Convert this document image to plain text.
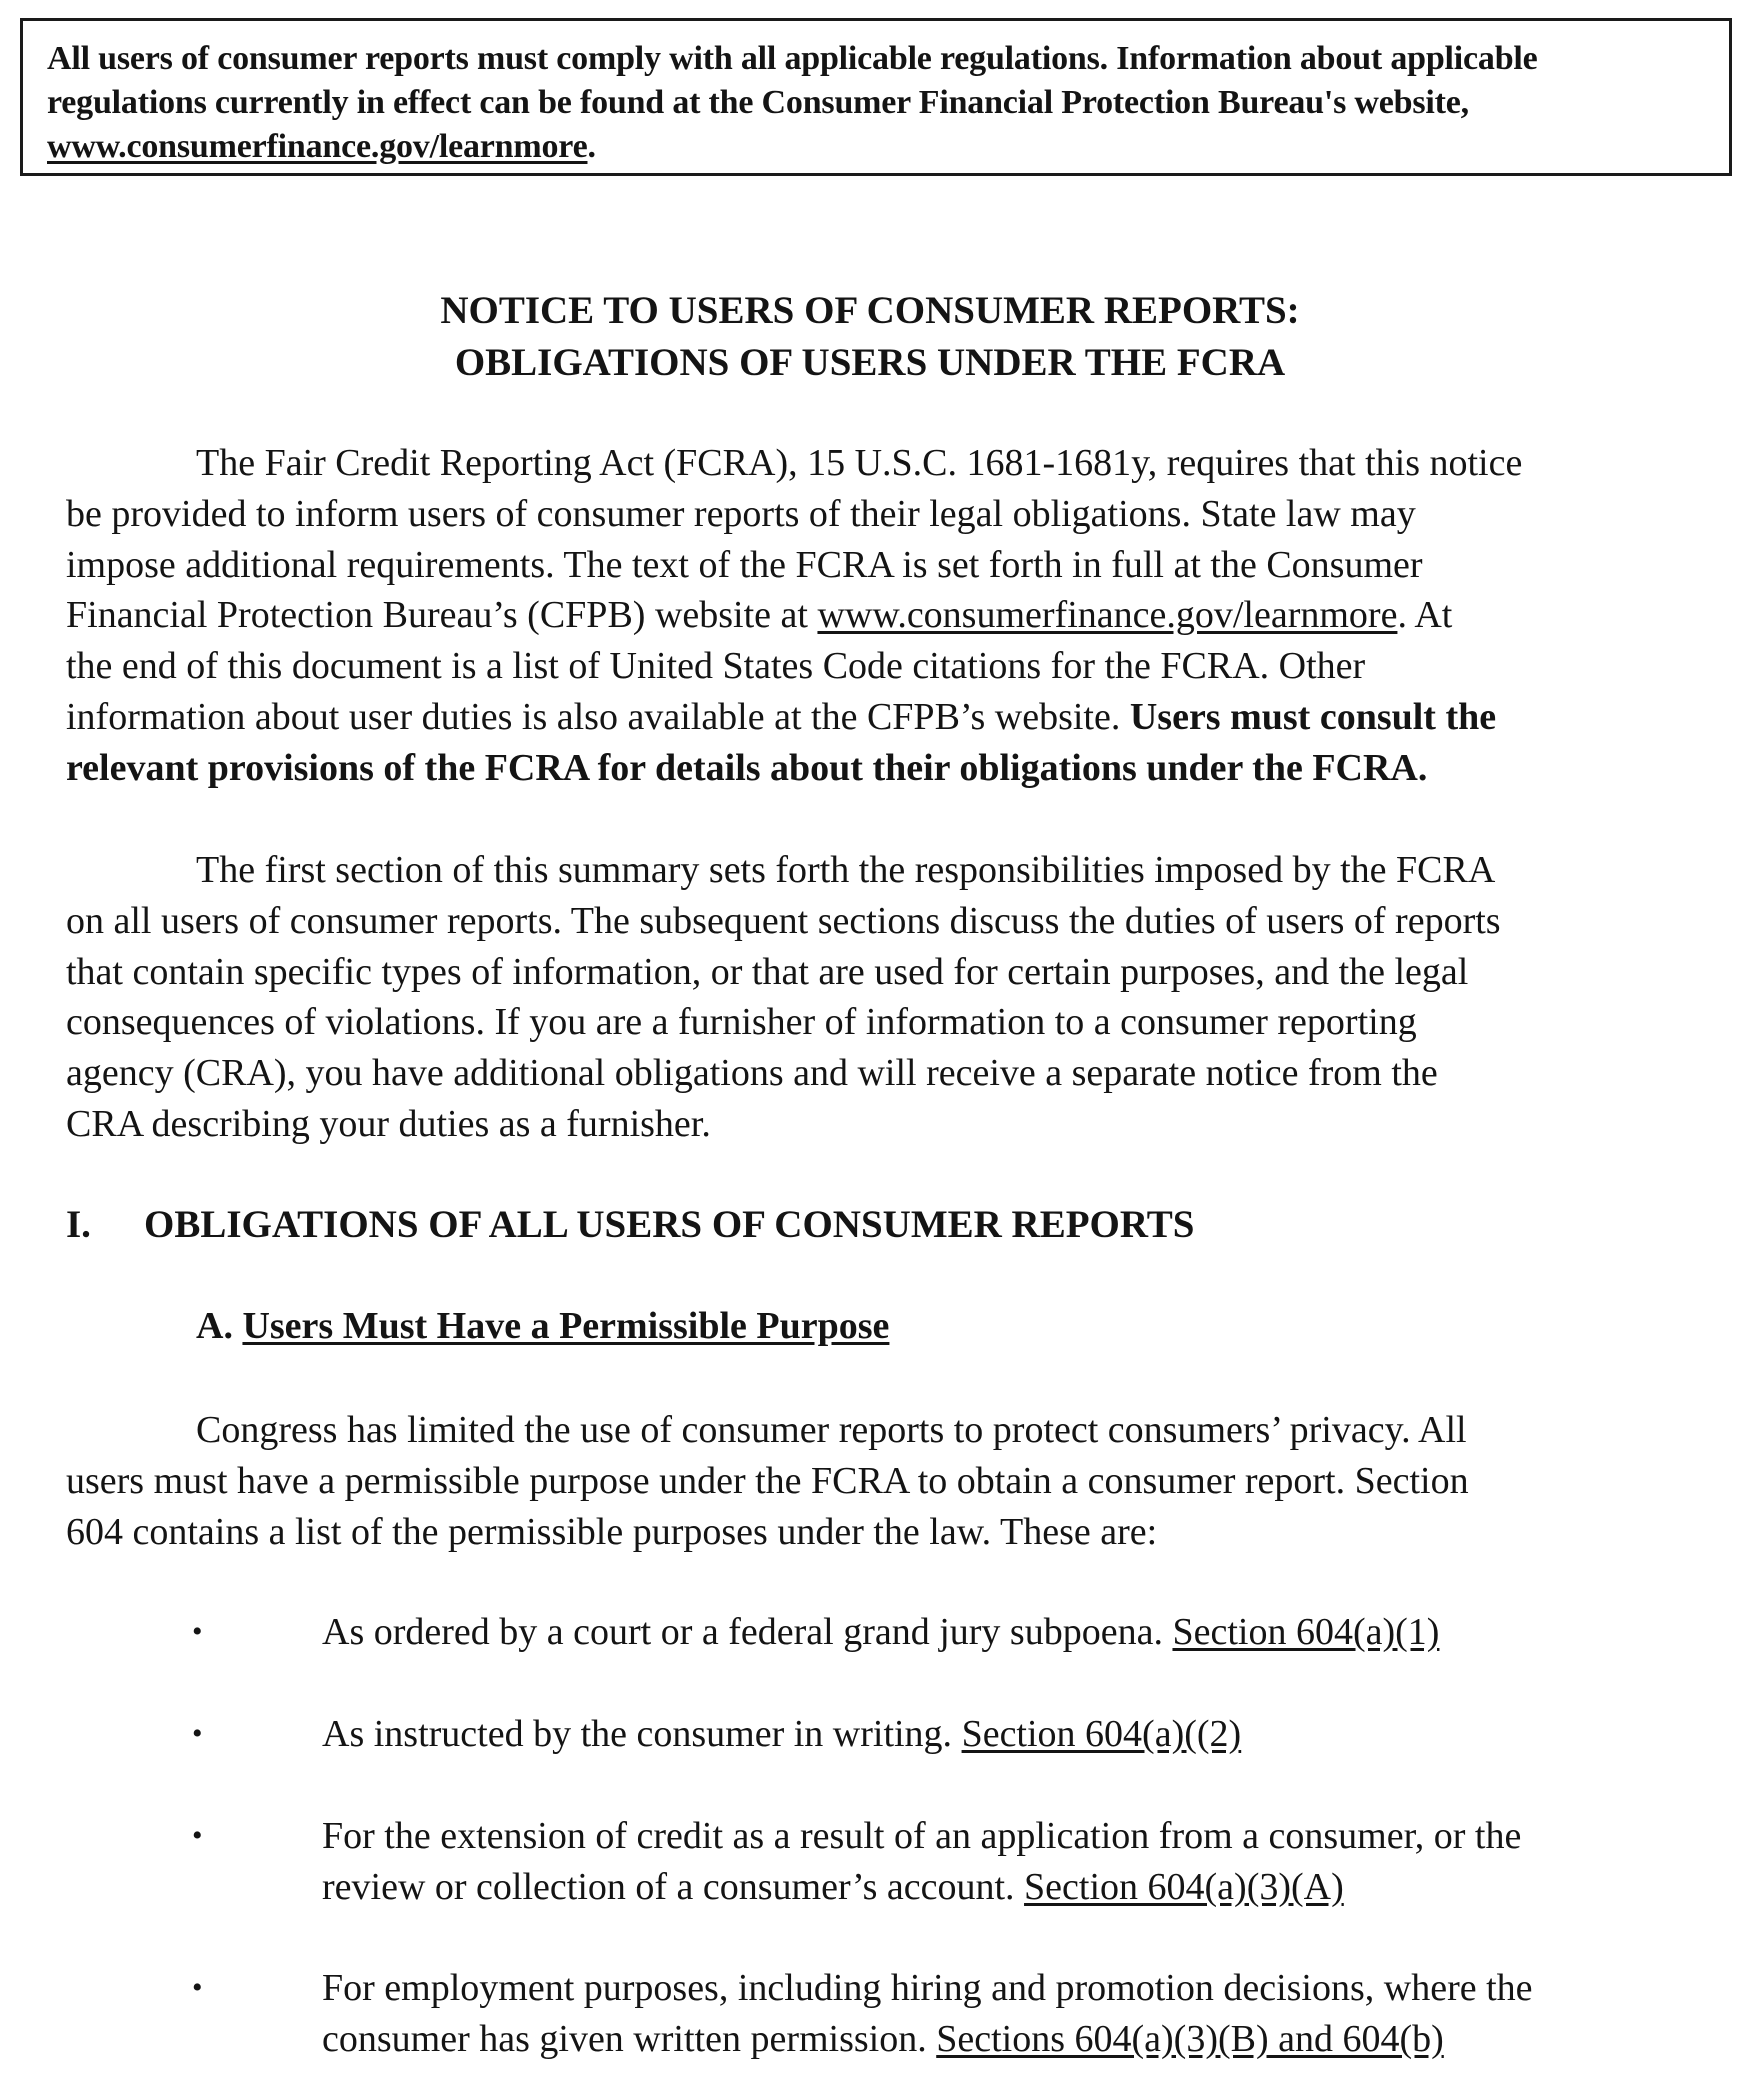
All users of consumer reports must comply with all applicable regulations. Information about applicable

regulations currently in effect can be found at the Consumer Financial Protection Bureau's website,

www.consumerfinance.gov/learnmore.

NOTICE TO USERS OF CONSUMER REPORTS:
OBLIGATIONS OF USERS UNDER THE FCRA
The Fair Credit Reporting Act (FCRA), 15 U.S.C. 1681-1681y, requires that this notice
be provided to inform users of consumer reports of their legal obligations. State law may
impose additional requirements. The text of the FCRA is set forth in full at the Consumer
Financial Protection Bureau’s (CFPB) website at www.consumerfinance.gov/learnmore. At
the end of this document is a list of United States Code citations for the FCRA. Other
information about user duties is also available at the CFPB’s website. Users must consult the
relevant provisions of the FCRA for details about their obligations under the FCRA.
The first section of this summary sets forth the responsibilities imposed by the FCRA
on all users of consumer reports. The subsequent sections discuss the duties of users of reports
that contain specific types of information, or that are used for certain purposes, and the legal
consequences of violations. If you are a furnisher of information to a consumer reporting
agency (CRA), you have additional obligations and will receive a separate notice from the
CRA describing your duties as a furnisher.
I. OBLIGATIONS OF ALL USERS OF CONSUMER REPORTS
A. Users Must Have a Permissible Purpose
Congress has limited the use of consumer reports to protect consumers’ privacy. All
users must have a permissible purpose under the FCRA to obtain a consumer report. Section
604 contains a list of the permissible purposes under the law. These are:
•	As ordered by a court or a federal grand jury subpoena. Section 604(a)(1)
•	As instructed by the consumer in writing. Section 604(a)((2)
•	For the extension of credit as a result of an application from a consumer, or the
review or collection of a consumer’s account. Section 604(a)(3)(A)
•	For employment purposes, including hiring and promotion decisions, where the
consumer has given written permission. Sections 604(a)(3)(B) and 604(b)
